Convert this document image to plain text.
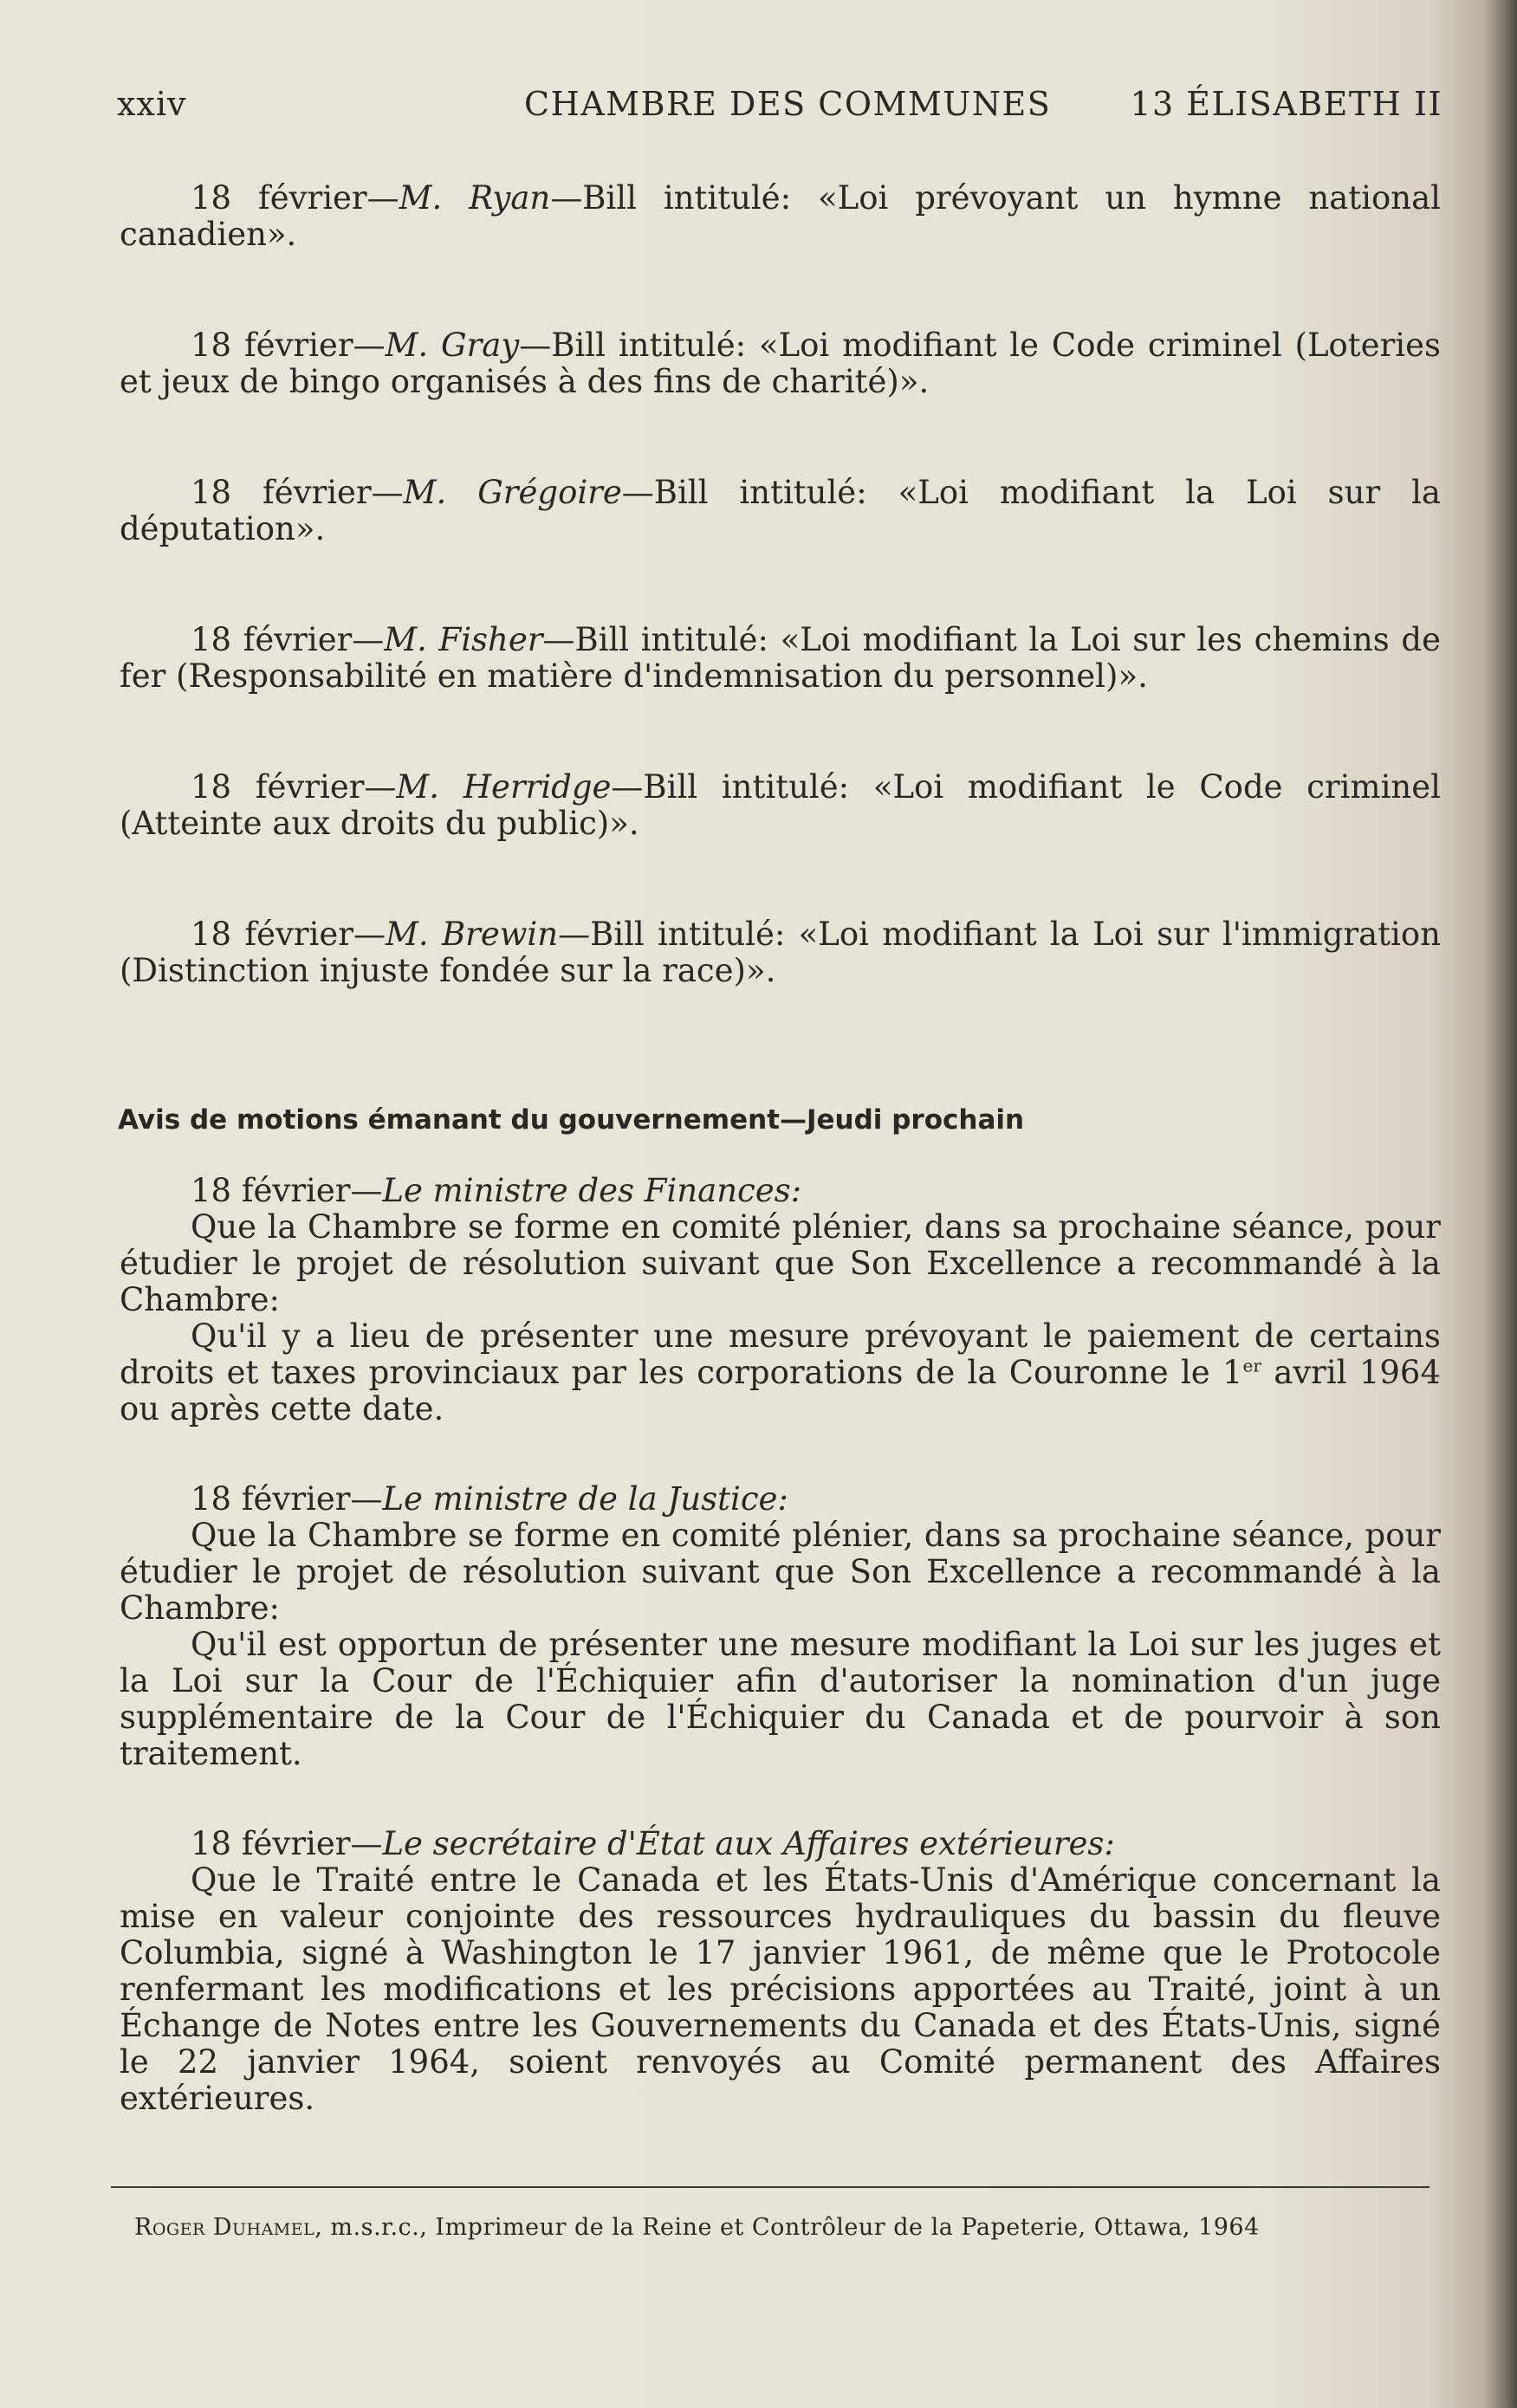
xxiv	CHAMBRE DES COMMUNES 13 ÉLISABETH II

18 février—M. Ryan—Bill intitulé: «Loi prévoyant un hymne national canadien».

18 février—M. Gray—Bill intitulé: «Loi modifiant le Code criminel (Loteries et jeux de bingo organisés à des fins de charité)».

18 février—M. Grégoire—Bill intitulé: «Loi modifiant la Loi sur la députation».

18 février—M. Fisher—Bill intitulé: «Loi modifiant la Loi sur les chemins de fer (Responsabilité en matière d'indemnisation du personnel)».

18 février—M. Herridge—Bill intitulé: «Loi modifiant le Code criminel (Atteinte aux droits du public)».

18 février—M. Brewin—Bill intitulé: «Loi modifiant la Loi sur l'immigration (Distinction injuste fondée sur la race)».

Avis de motions émanant du gouvernement—Jeudi prochain

18 février—Le ministre des Finances:

Que la Chambre se forme en comité plénier, dans sa prochaine séance, pour étudier le projet de résolution suivant que Son Excellence a recommandé à la Chambre:

Qu'il y a lieu de présenter une mesure prévoyant le paiement de certains droits et taxes provinciaux par les corporations de la Couronne le 1er avril 1964 ou après cette date.

18 février—Le ministre de la Justice:

Que la Chambre se forme en comité plénier, dans sa prochaine séance, pour étudier le projet de résolution suivant que Son Excellence a recommandé à la Chambre:

Qu'il est opportun de présenter une mesure modifiant la Loi sur les juges et la Loi sur la Cour de l'Échiquier afin d'autoriser la nomination d'un juge supplémentaire de la Cour de l'Échiquier du Canada et de pourvoir à son traitement.

18 février—Le secrétaire d'État aux Affaires extérieures:

Que le Traité entre le Canada et les États-Unis d'Amérique concernant la mise en valeur conjointe des ressources hydrauliques du bassin du fleuve Columbia, signé à Washington le 17 janvier 1961, de même que le Protocole renfermant les modifications et les précisions apportées au Traité, joint à un Échange de Notes entre les Gouvernements du Canada et des États-Unis, signé le 22 janvier 1964, soient renvoyés au Comité permanent des Affaires extérieures.

Roger Duhamel, m.s.r.c., Imprimeur de la Reine et Contrôleur de la Papeterie, Ottawa, 1964
